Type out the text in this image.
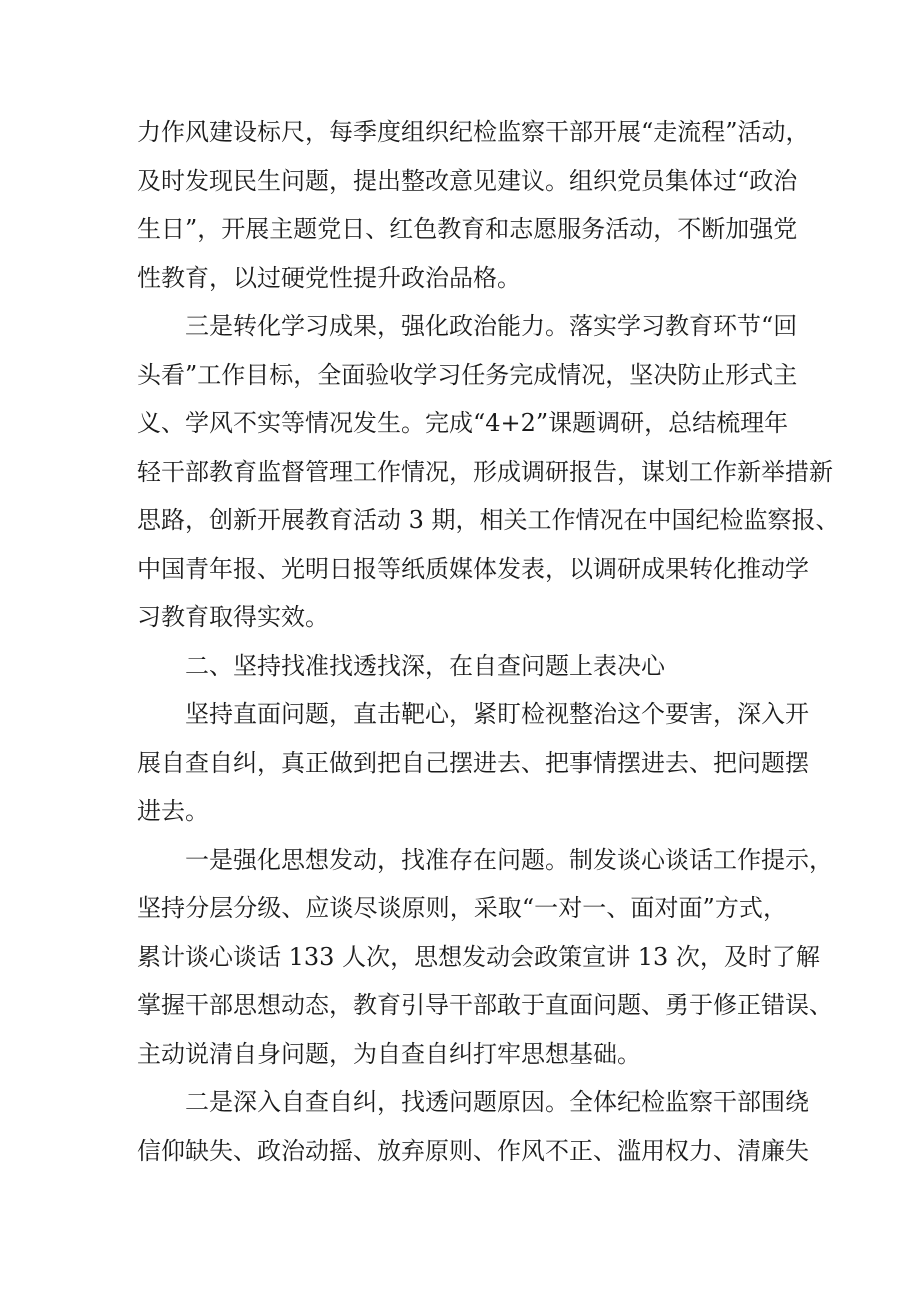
力作风建设标尺，每季度组织纪检监察干部开展“走流程”活动，
及时发现民生问题，提出整改意见建议。组织党员集体过“政治
生日”，开展主题党日、红色教育和志愿服务活动，不断加强党
性教育，以过硬党性提升政治品格。
三是转化学习成果，强化政治能力。落实学习教育环节“回
头看”工作目标，全面验收学习任务完成情况，坚决防止形式主
义、学风不实等情况发生。完成“4+2”课题调研，总结梳理年
轻干部教育监督管理工作情况，形成调研报告，谋划工作新举措新
思路，创新开展教育活动 3 期，相关工作情况在中国纪检监察报、
中国青年报、光明日报等纸质媒体发表，以调研成果转化推动学
习教育取得实效。
二、坚持找准找透找深，在自查问题上表决心
坚持直面问题，直击靶心，紧盯检视整治这个要害，深入开
展自查自纠，真正做到把自己摆进去、把事情摆进去、把问题摆
进去。
一是强化思想发动，找准存在问题。制发谈心谈话工作提示，
坚持分层分级、应谈尽谈原则，采取“一对一、面对面”方式，
累计谈心谈话 133 人次，思想发动会政策宣讲 13 次，及时了解
掌握干部思想动态，教育引导干部敢于直面问题、勇于修正错误、
主动说清自身问题，为自查自纠打牢思想基础。
二是深入自查自纠，找透问题原因。全体纪检监察干部围绕
信仰缺失、政治动摇、放弃原则、作风不正、滥用权力、清廉失
